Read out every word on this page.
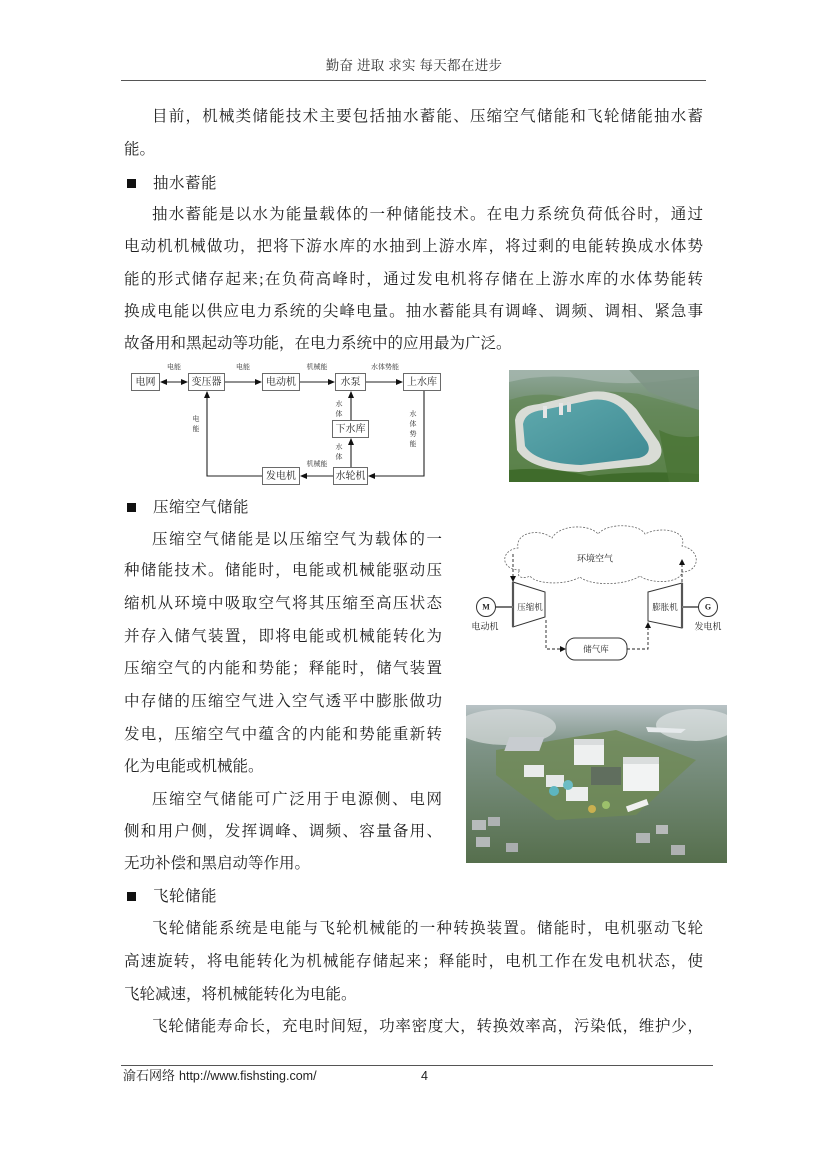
勤奋 进取 求实 每天都在进步
目前，机械类储能技术主要包括抽水蓄能、压缩空气储能和飞轮储能抽水蓄
能。
抽水蓄能
抽水蓄能是以水为能量载体的一种储能技术。在电力系统负荷低谷时，通过
电动机机械做功，把将下游水库的水抽到上游水库，将过剩的电能转换成水体势
能的形式储存起来;在负荷高峰时，通过发电机将存储在上游水库的水体势能转
换成电能以供应电力系统的尖峰电量。抽水蓄能具有调峰、调频、调相、紧急事
故备用和黑起动等功能，在电力系统中的应用最为广泛。
电网	变压器	电动机	水泵	上水库
下水库
水轮机
发电机
电能	电能	机械能	水体势能
机械能
水体势能
水体
水体
电能
压缩空气储能
压缩空气储能是以压缩空气为载体的一
种储能技术。储能时，电能或机械能驱动压
缩机从环境中吸取空气将其压缩至高压状态
并存入储气装置，即将电能或机械能转化为
压缩空气的内能和势能；释能时，储气装置
中存储的压缩空气进入空气透平中膨胀做功
发电，压缩空气中蕴含的内能和势能重新转
化为电能或机械能。
压缩空气储能可广泛用于电源侧、电网
侧和用户侧，发挥调峰、调频、容量备用、
无功补偿和黑启动等作用。
环境空气
压缩机	膨胀机
M	G
电动机	发电机
储气库
飞轮储能
飞轮储能系统是电能与飞轮机械能的一种转换装置。储能时，电机驱动飞轮
高速旋转，将电能转化为机械能存储起来；释能时，电机工作在发电机状态，使
飞轮减速，将机械能转化为电能。
飞轮储能寿命长，充电时间短，功率密度大，转换效率高，污染低，维护少，
渝石网络 http://www.fishsting.com/	4
